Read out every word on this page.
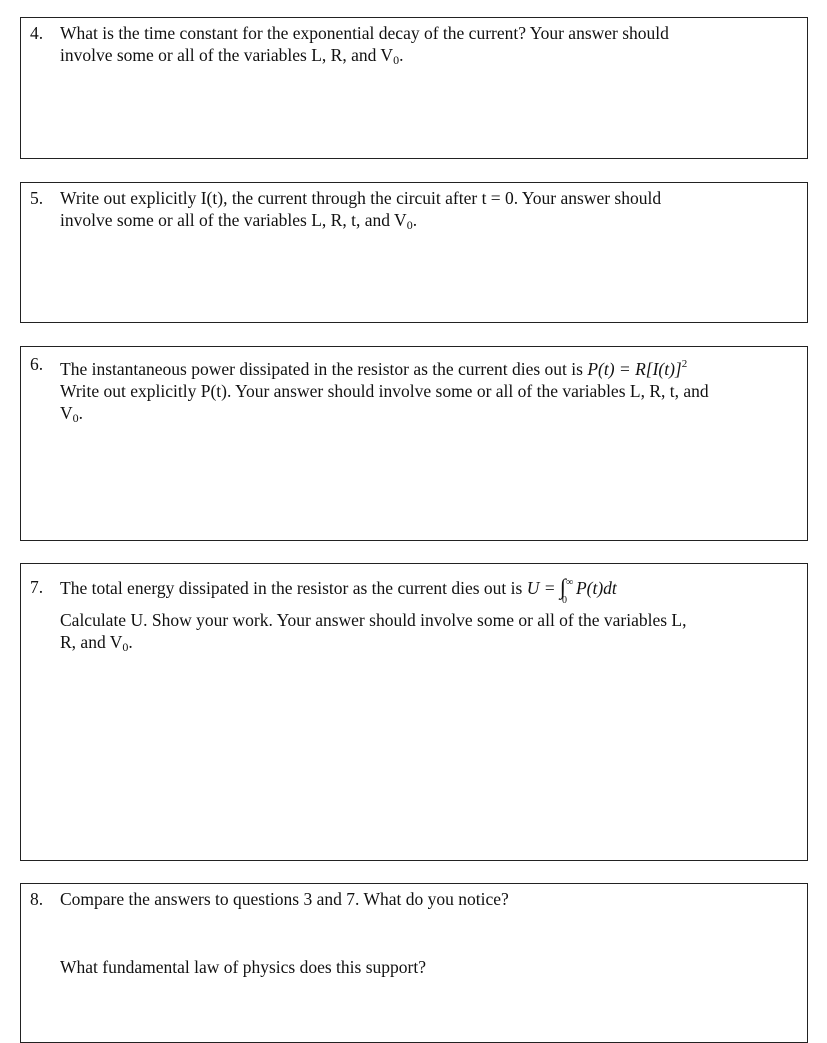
4. What is the time constant for the exponential decay of the current? Your answer should
involve some or all of the variables L, R, and $V_0$.
5. Write out explicitly I(t), the current through the circuit after t = 0. Your answer should
involve some or all of the variables L, R, t, and $V_0$.
6. The instantaneous power dissipated in the resistor as the current dies out is $P(t) = R[I(t)]^2$
Write out explicitly P(t). Your answer should involve some or all of the variables L, R, t, and
$V_0$.
7. The total energy dissipated in the resistor as the current dies out is U = ∫ ∞
0
P(t)dt
Calculate U. Show your work. Your answer should involve some or all of the variables L,
R, and $V_0$.
8. Compare the answers to questions 3 and 7. What do you notice?
What fundamental law of physics does this support?
